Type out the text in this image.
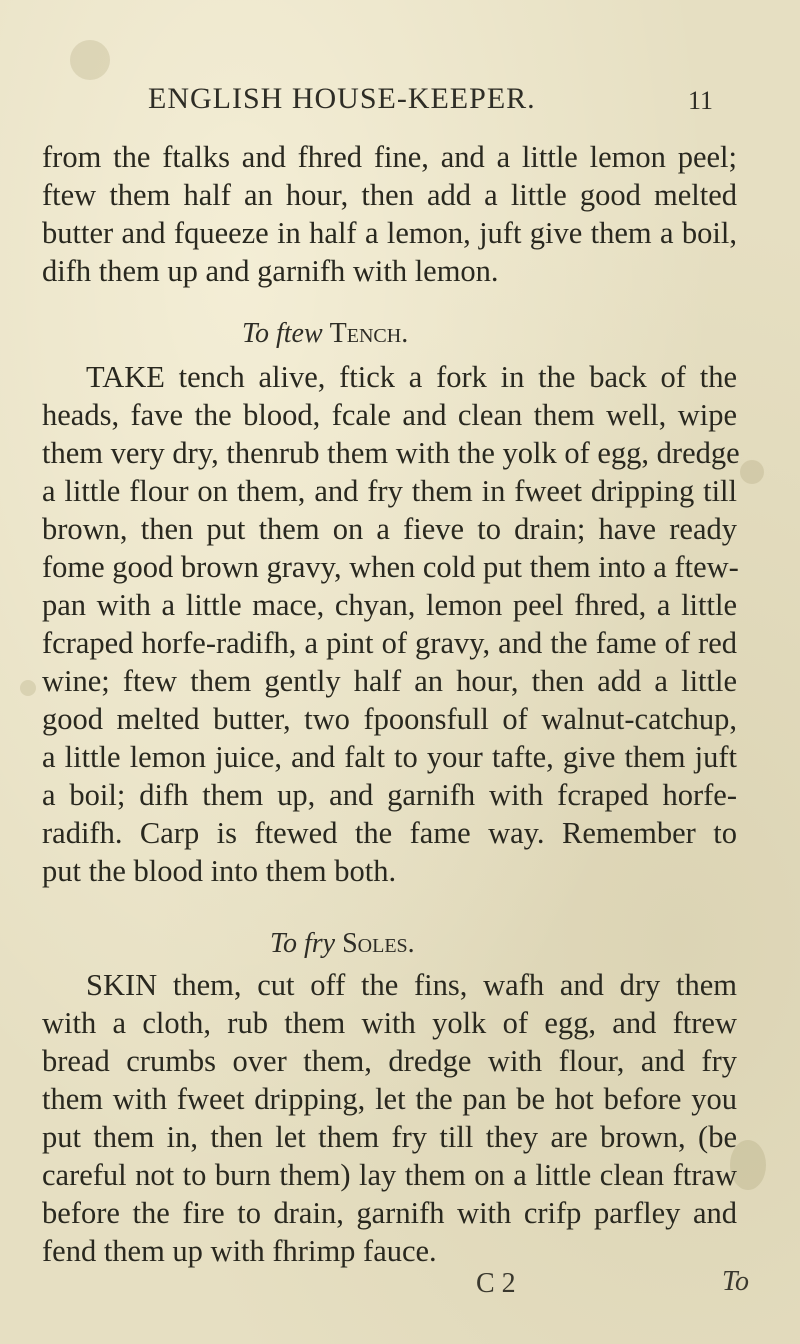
ENGLISH HOUSE-KEEPER.	11
from the ftalks and fhred fine, and a little lemon peel;
ftew them half an hour, then add a little good melted
butter and fqueeze in half a lemon, juft give them a boil,
difh them up and garnifh with lemon.
To ftew Tench.
TAKE tench alive, ftick a fork in the back of the
heads, fave the blood, fcale and clean them well, wipe
them very dry, thenrub them with the yolk of egg, dredge
a little flour on them, and fry them in fweet dripping till
brown, then put them on a fieve to drain; have ready
fome good brown gravy, when cold put them into a ftew-
pan with a little mace, chyan, lemon peel fhred, a little
fcraped horfe-radifh, a pint of gravy, and the fame of red
wine; ftew them gently half an hour, then add a little
good melted butter, two fpoonsfull of walnut-catchup,
a little lemon juice, and falt to your tafte, give them juft
a boil; difh them up, and garnifh with fcraped horfe-
radifh. Carp is ftewed the fame way. Remember to
put the blood into them both.
To fry Soles.
SKIN them, cut off the fins, wafh and dry them
with a cloth, rub them with yolk of egg, and ftrew
bread crumbs over them, dredge with flour, and fry
them with fweet dripping, let the pan be hot before you
put them in, then let them fry till they are brown, (be
careful not to burn them) lay them on a little clean ftraw
before the fire to drain, garnifh with crifp parfley and
fend them up with fhrimp fauce.
C 2	To
